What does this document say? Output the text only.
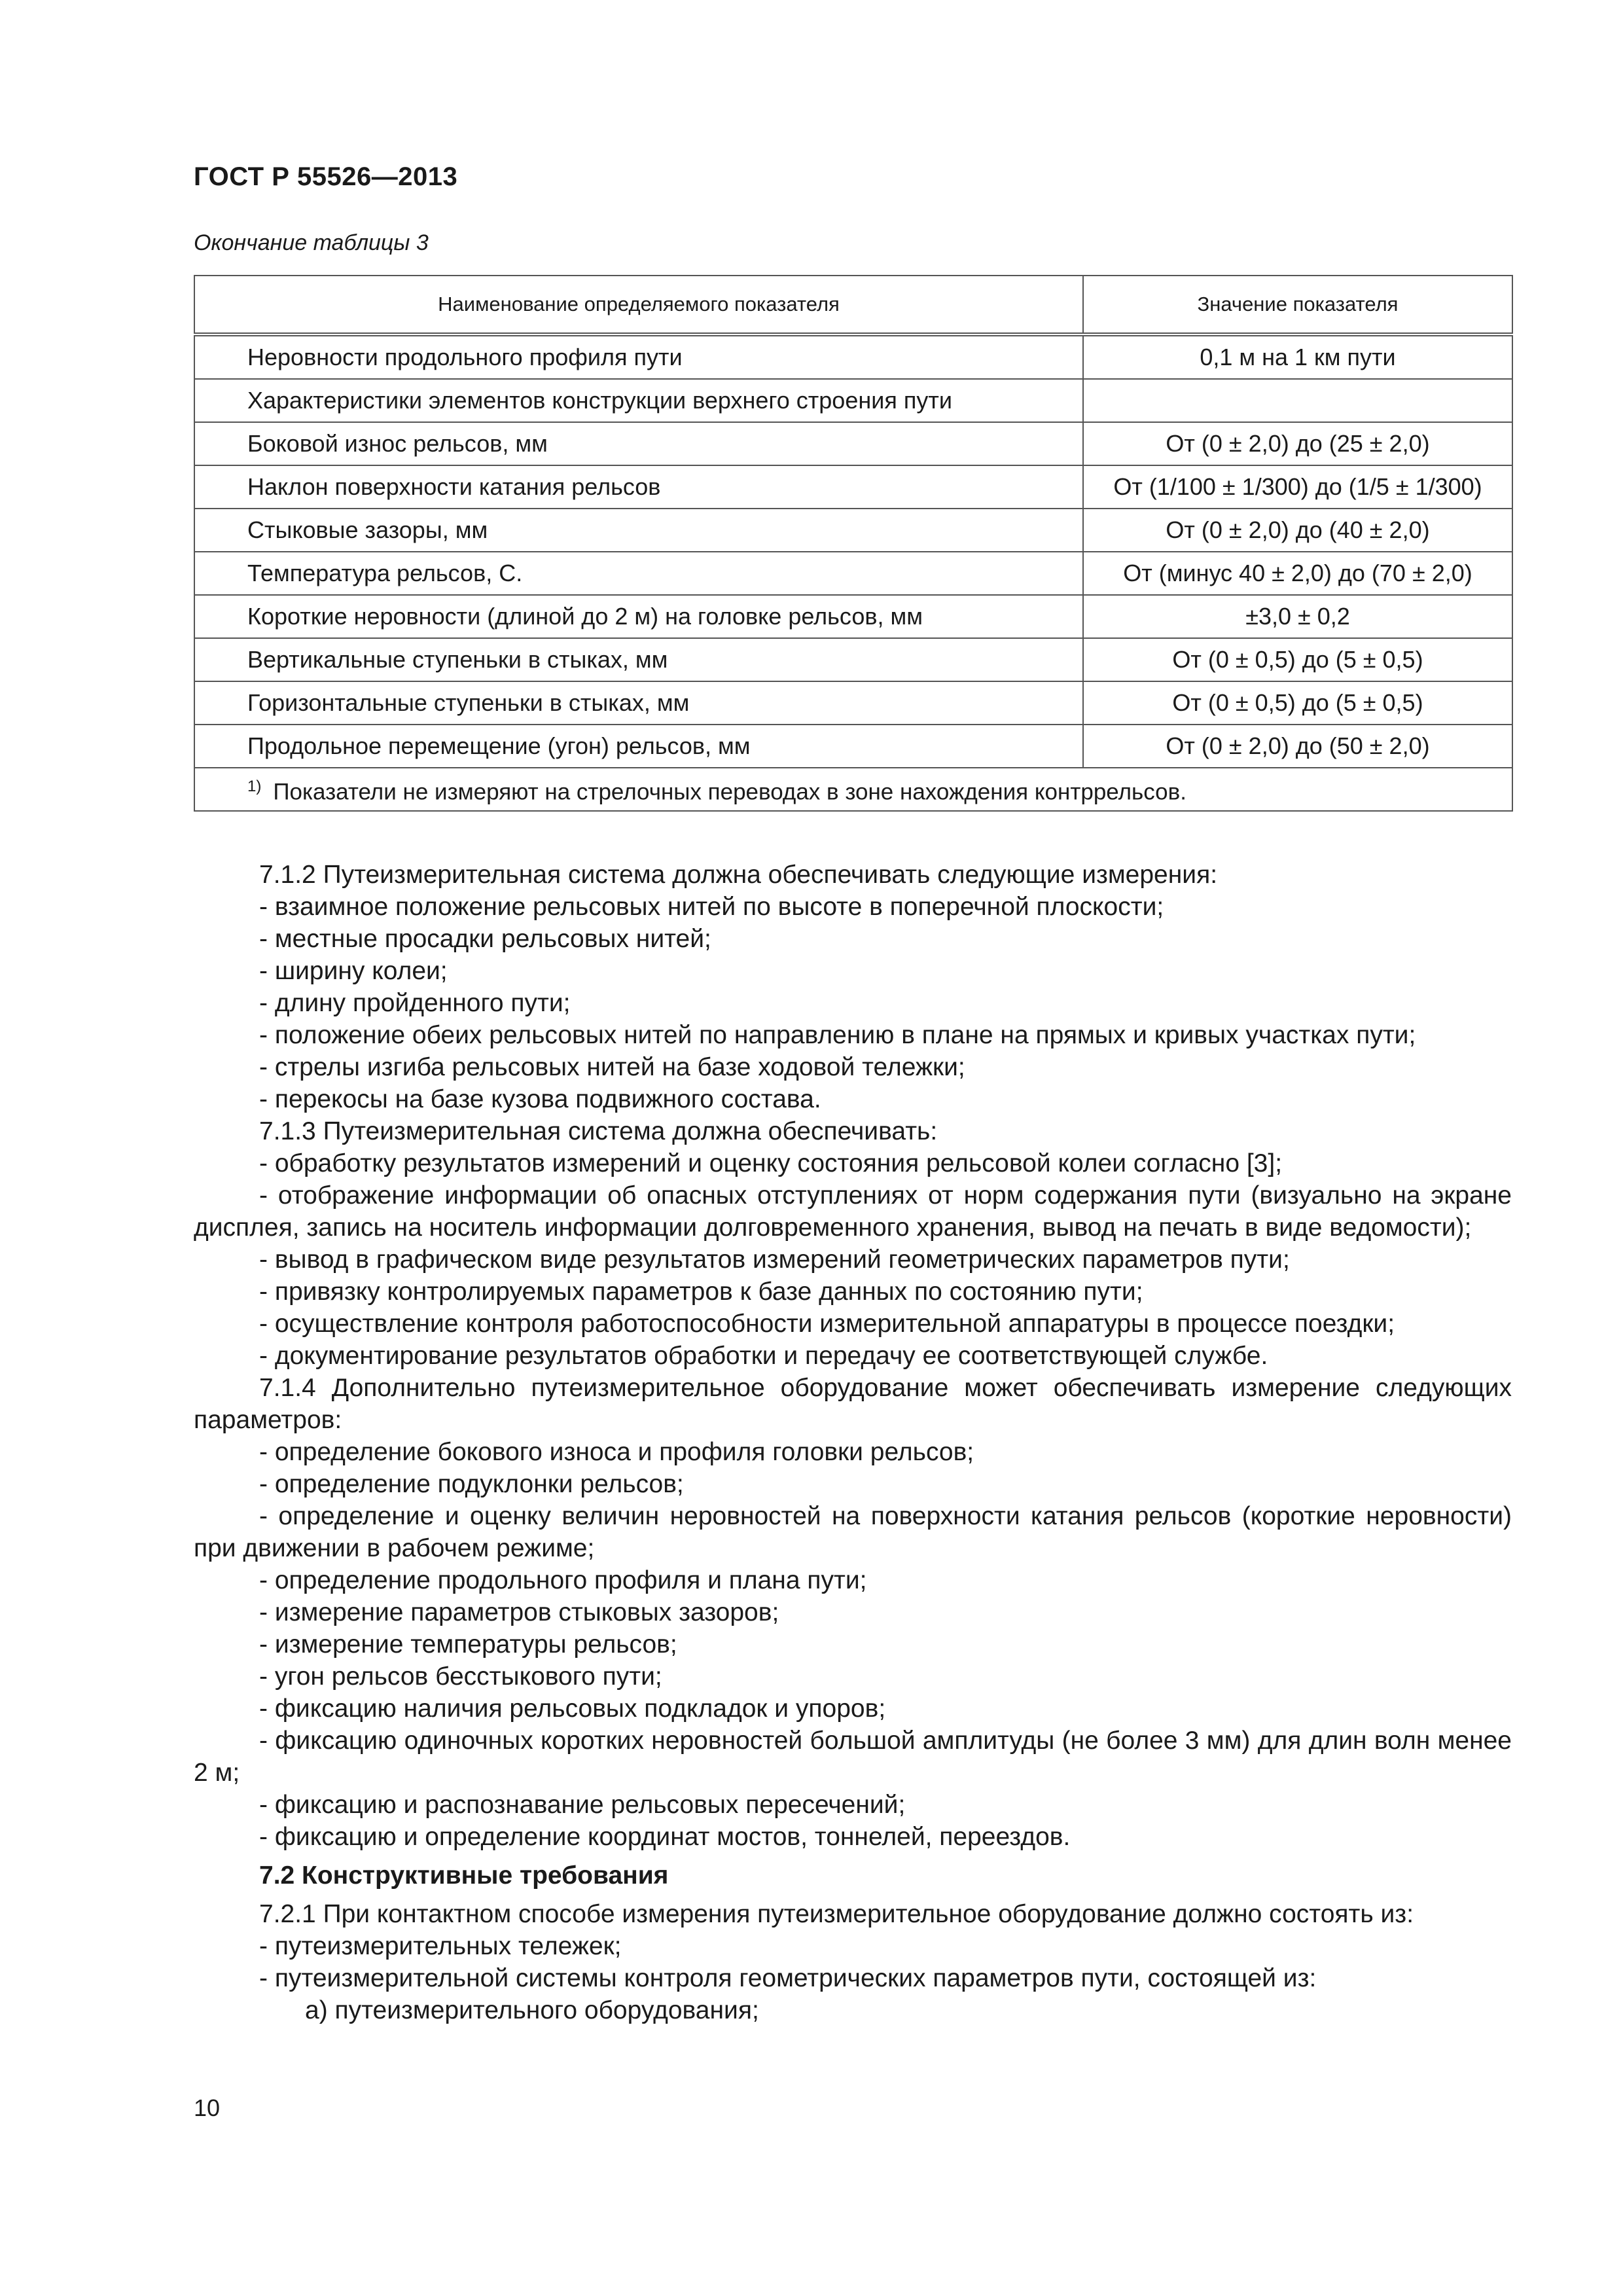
ГОСТ Р 55526—2013
Окончание таблицы 3
Наименование определяемого показателя	Значение показателя
Неровности продольного профиля пути	0,1 м на 1 км пути
Характеристики элементов конструкции верхнего строения пути	
Боковой износ рельсов, мм	От (0 ± 2,0) до (25 ± 2,0)
Наклон поверхности катания рельсов	От (1/100 ± 1/300) до (1/5 ± 1/300)
Стыковые зазоры, мм	От (0 ± 2,0) до (40 ± 2,0)
Температура рельсов, С.	От (минус 40 ± 2,0) до (70 ± 2,0)
Короткие неровности (длиной до 2 м) на головке рельсов, мм	±3,0 ± 0,2
Вертикальные ступеньки в стыках, мм	От (0 ± 0,5) до (5 ± 0,5)
Горизонтальные ступеньки в стыках, мм	От (0 ± 0,5) до (5 ± 0,5)
Продольное перемещение (угон) рельсов, мм	От (0 ± 2,0) до (50 ± 2,0)
$^{1)}$ Показатели не измеряют на стрелочных переводах в зоне нахождения контррельсов.	

7.1.2 Путеизмерительная система должна обеспечивать следующие измерения:

- взаимное положение рельсовых нитей по высоте в поперечной плоскости;

- местные просадки рельсовых нитей;

- ширину колеи;

- длину пройденного пути;

- положение обеих рельсовых нитей по направлению в плане на прямых и кривых участках пути;

- стрелы изгиба рельсовых нитей на базе ходовой тележки;

- перекосы на базе кузова подвижного состава.

7.1.3 Путеизмерительная система должна обеспечивать:

- обработку результатов измерений и оценку состояния рельсовой колеи согласно [3];

- отображение информации об опасных отступлениях от норм содержания пути (визуально на экране дисплея, запись на носитель информации долговременного хранения, вывод на печать в виде ведомости);

- вывод в графическом виде результатов измерений геометрических параметров пути;

- привязку контролируемых параметров к базе данных по состоянию пути;

- осуществление контроля работоспособности измерительной аппаратуры в процессе поездки;

- документирование результатов обработки и передачу ее соответствующей службе.

7.1.4 Дополнительно путеизмерительное оборудование может обеспечивать измерение следующих параметров:

- определение бокового износа и профиля головки рельсов;

- определение подуклонки рельсов;

- определение и оценку величин неровностей на поверхности катания рельсов (короткие неровности) при движении в рабочем режиме;

- определение продольного профиля и плана пути;

- измерение параметров стыковых зазоров;

- измерение температуры рельсов;

- угон рельсов бесстыкового пути;

- фиксацию наличия рельсовых подкладок и упоров;

- фиксацию одиночных коротких неровностей большой амплитуды (не более 3 мм) для длин волн менее 2 м;

- фиксацию и распознавание рельсовых пересечений;

- фиксацию и определение координат мостов, тоннелей, переездов.

7.2 Конструктивные требования

7.2.1 При контактном способе измерения путеизмерительное оборудование должно состоять из:

- путеизмерительных тележек;

- путеизмерительной системы контроля геометрических параметров пути, состоящей из:

а) путеизмерительного оборудования;

10
